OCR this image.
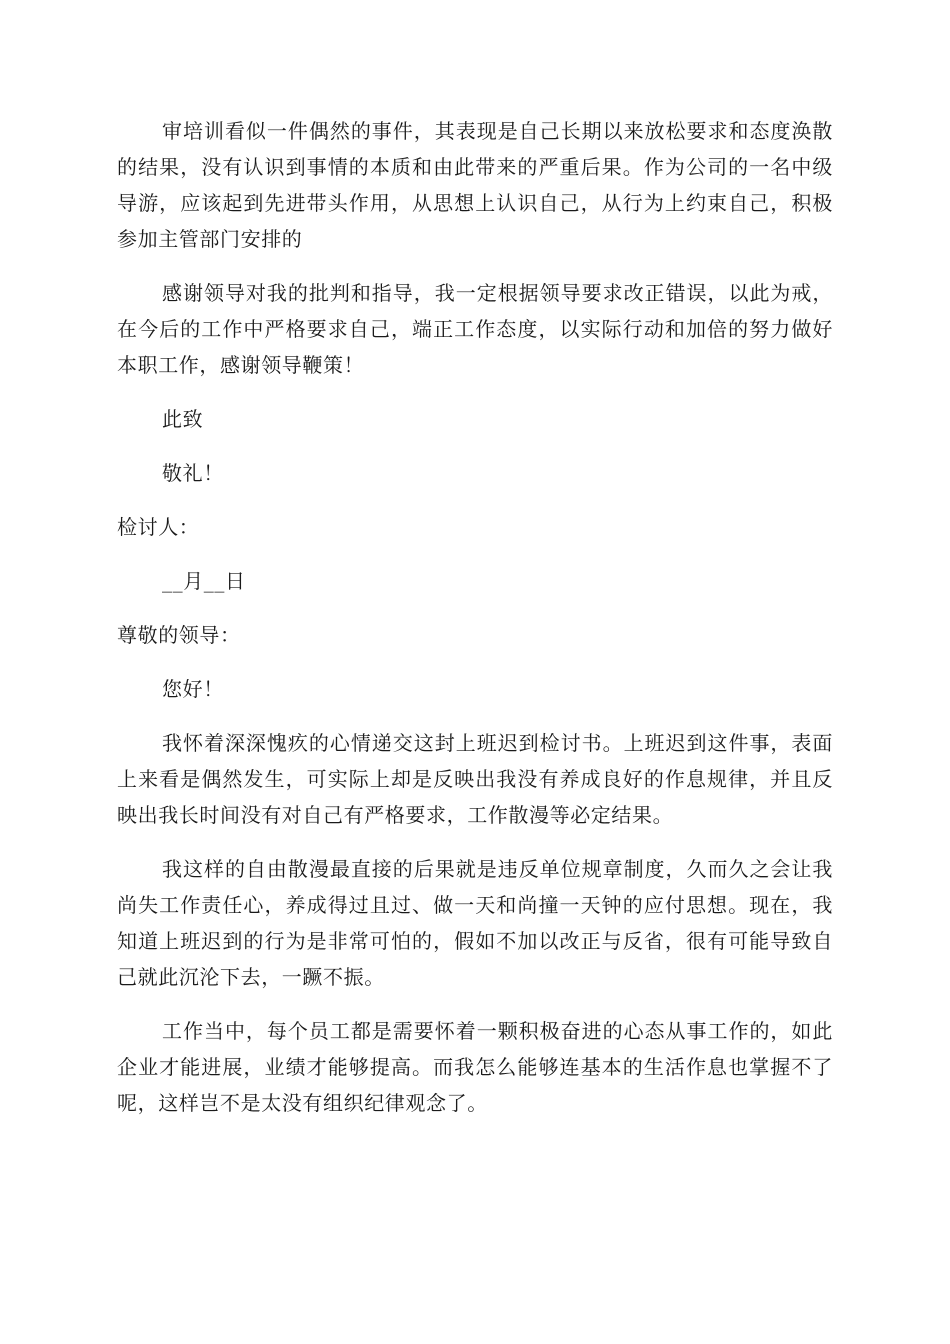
审培训看似一件偶然的事件，其表现是自己长期以来放松要求和态度涣散的结果，没有认识到事情的本质和由此带来的严重后果。作为公司的一名中级导游，应该起到先进带头作用，从思想上认识自己，从行为上约束自己，积极参加主管部门安排的

感谢领导对我的批判和指导，我一定根据领导要求改正错误，以此为戒，在今后的工作中严格要求自己，端正工作态度，以实际行动和加倍的努力做好本职工作，感谢领导鞭策！

此致

敬礼！

检讨人：

__月__日

尊敬的领导：

您好！

我怀着深深愧疚的心情递交这封上班迟到检讨书。上班迟到这件事，表面上来看是偶然发生，可实际上却是反映出我没有养成良好的作息规律，并且反映出我长时间没有对自己有严格要求，工作散漫等必定结果。

我这样的自由散漫最直接的后果就是违反单位规章制度，久而久之会让我尚失工作责任心，养成得过且过、做一天和尚撞一天钟的应付思想。现在，我知道上班迟到的行为是非常可怕的，假如不加以改正与反省，很有可能导致自己就此沉沦下去，一蹶不振。

工作当中，每个员工都是需要怀着一颗积极奋进的心态从事工作的，如此企业才能进展，业绩才能够提高。而我怎么能够连基本的生活作息也掌握不了呢，这样岂不是太没有组织纪律观念了。
